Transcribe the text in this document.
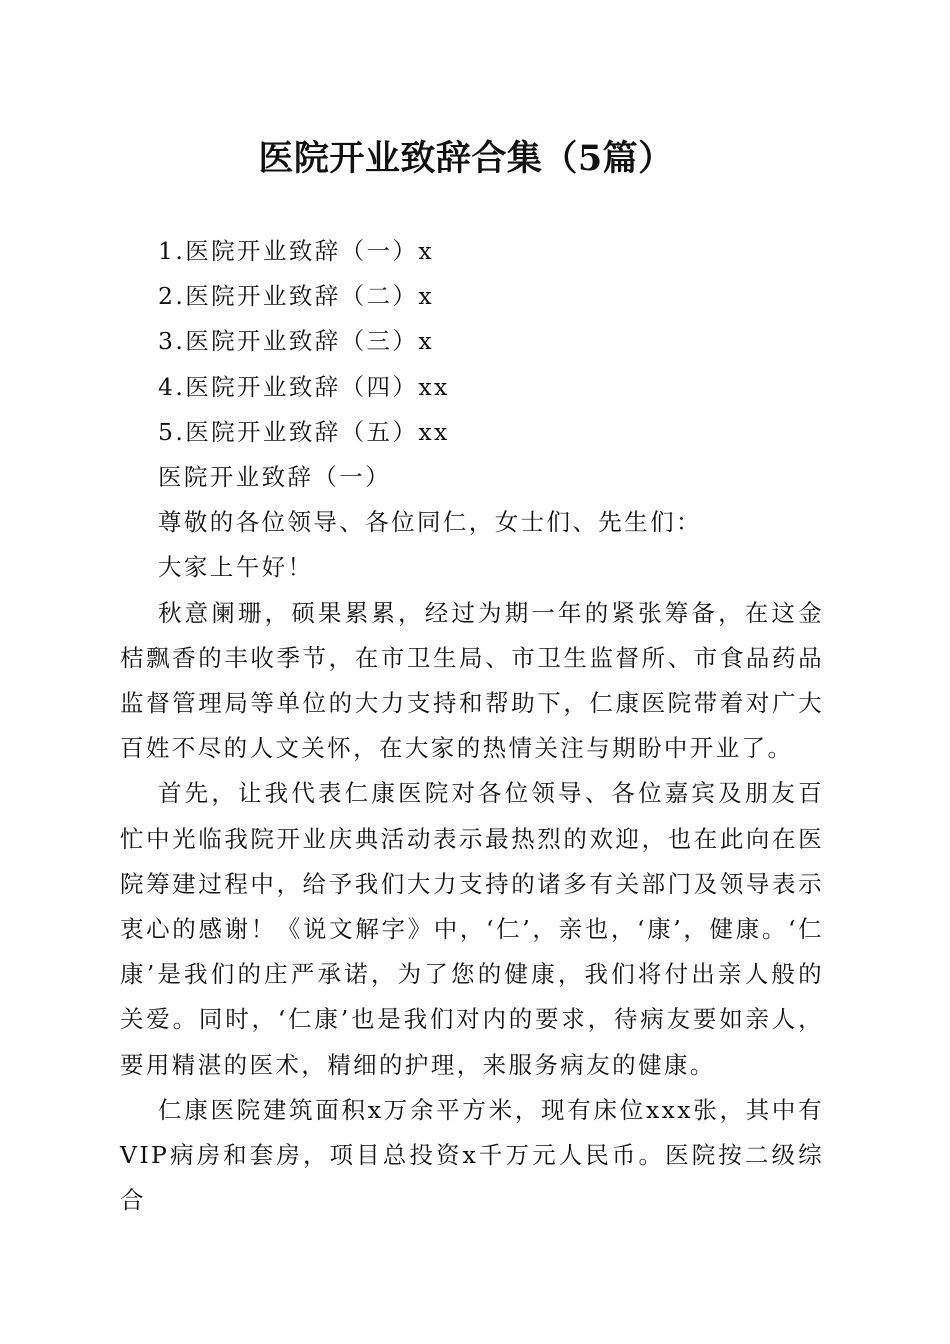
医院开业致辞合集（5篇）
1.医院开业致辞（一）x
2.医院开业致辞（二）x
3.医院开业致辞（三）x
4.医院开业致辞（四）xx
5.医院开业致辞（五）xx

医院开业致辞（一）

尊敬的各位领导、各位同仁，女士们、先生们：

大家上午好！

秋意阑珊，硕果累累，经过为期一年的紧张筹备，在这金桔飘香的丰收季节，在市卫生局、市卫生监督所、市食品药品监督管理局等单位的大力支持和帮助下，仁康医院带着对广大百姓不尽的人文关怀，在大家的热情关注与期盼中开业了。

首先，让我代表仁康医院对各位领导、各位嘉宾及朋友百忙中光临我院开业庆典活动表示最热烈的欢迎，也在此向在医院筹建过程中，给予我们大力支持的诸多有关部门及领导表示衷心的感谢！《说文解字》中，‘仁’，亲也，‘康’，健康。‘仁康’是我们的庄严承诺，为了您的健康，我们将付出亲人般的关爱。同时，‘仁康’也是我们对内的要求，待病友要如亲人，要用精湛的医术，精细的护理，来服务病友的健康。

仁康医院建筑面积x万余平方米，现有床位xxx张，其中有VIP病房和套房，项目总投资x千万元人民币。医院按二级综合
